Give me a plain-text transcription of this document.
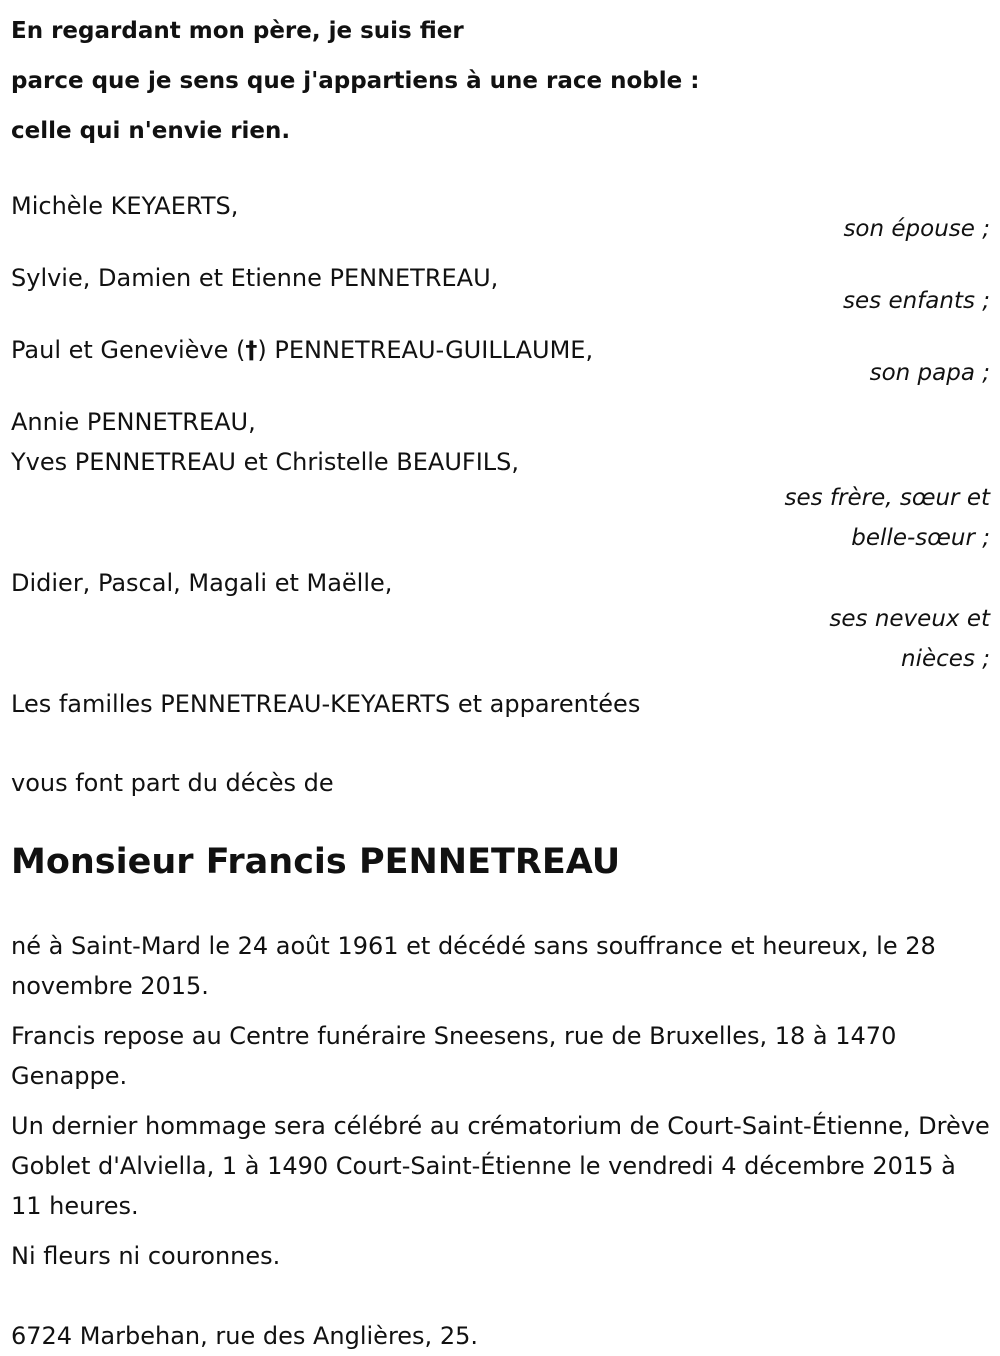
En regardant mon père, je suis fier
parce que je sens que j'appartiens à une race noble :
celle qui n'envie rien.
Michèle KEYAERTS,
son épouse ;
Sylvie, Damien et Etienne PENNETREAU,
ses enfants ;
Paul et Geneviève (†) PENNETREAU-GUILLAUME,
son papa ;
Annie PENNETREAU,
Yves PENNETREAU et Christelle BEAUFILS,
ses frère, sœur et
belle-sœur ;
Didier, Pascal, Magali et Maëlle,
ses neveux et
nièces ;
Les familles PENNETREAU-KEYAERTS et apparentées
vous font part du décès de
Monsieur Francis PENNETREAU

né à Saint-Mard le 24 août 1961 et décédé sans souffrance et heureux, le 28 novembre 2015.

Francis repose au Centre funéraire Sneesens, rue de Bruxelles, 18 à 1470 Genappe.

Un dernier hommage sera célébré au crématorium de Court-Saint-Étienne, Drève Goblet d'Alviella, 1 à 1490 Court-Saint-Étienne le vendredi 4 décembre 2015 à 11 heures.

Ni fleurs ni couronnes.

6724 Marbehan, rue des Anglières, 25.
